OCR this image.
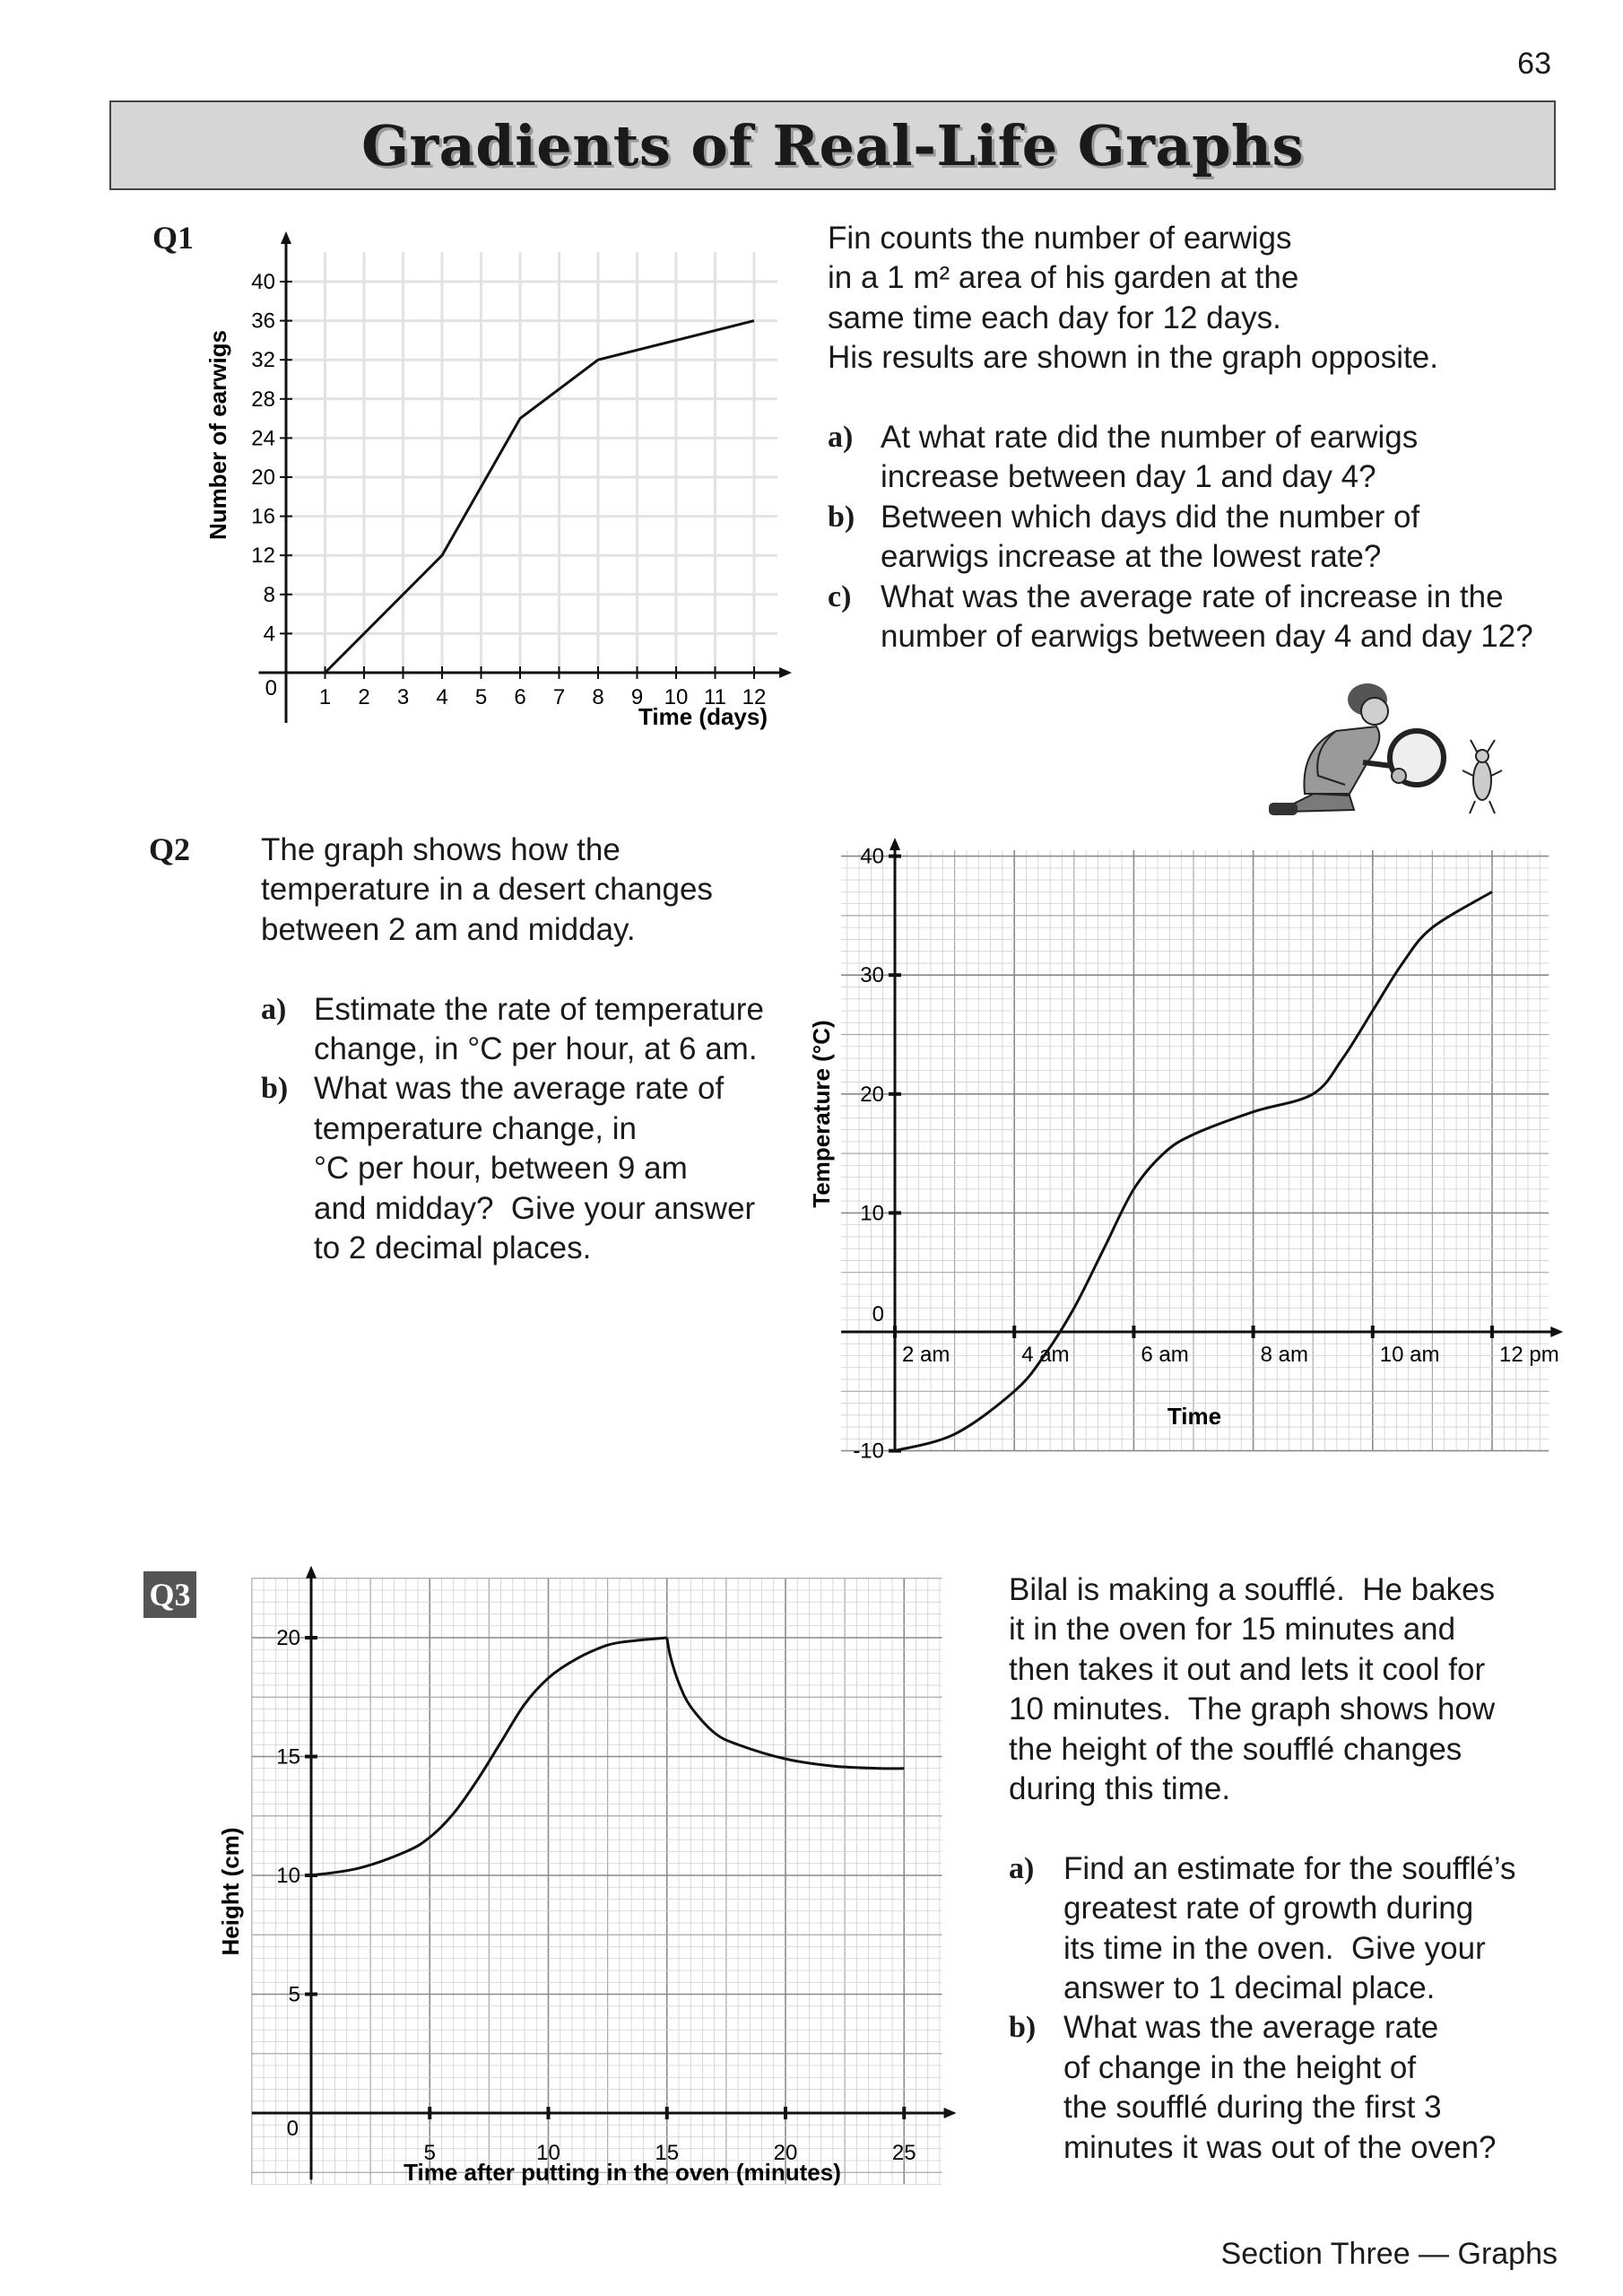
63
Gradients of Real-Life Graphs
Q1
Q2
Q3
Fin counts the number of earwigs
in a 1 m² area of his garden at the
same time each day for 12 days.
His results are shown in the graph opposite.
a) At what rate did the number of earwigs
increase between day 1 and day 4?
b) Between which days did the number of
earwigs increase at the lowest rate?
c) What was the average rate of increase in the
number of earwigs between day 4 and day 12?
The graph shows how the
temperature in a desert changes
between 2 am and midday.
a) Estimate the rate of temperature
change, in °C per hour, at 6 am.
b) What was the average rate of
temperature change, in
°C per hour, between 9 am
and midday?  Give your answer
to 2 decimal places.
Bilal is making a soufflé.  He bakes
it in the oven for 15 minutes and
then takes it out and lets it cool for
10 minutes.  The graph shows how
the height of the soufflé changes
during this time.
a) Find an estimate for the soufflé’s
greatest rate of growth during
its time in the oven.  Give your
answer to 1 decimal place.
b) What was the average rate
of change in the height of
the soufflé during the first 3
minutes it was out of the oven?
1 2 3 4 5 6 7 8 9 10 11 12
4
8
12
16
20
24
28
32
36
40
0
Time (days)
Number of earwigs
2 am	4 am	6 am	8 am	10 am	12 pm
-10
0
10
20
30
40
Time
Temperature (°C)
5	10	15	20	25
5
10
15
20
0
Time after putting in the oven (minutes)
Height (cm)
Section Three — Graphs
